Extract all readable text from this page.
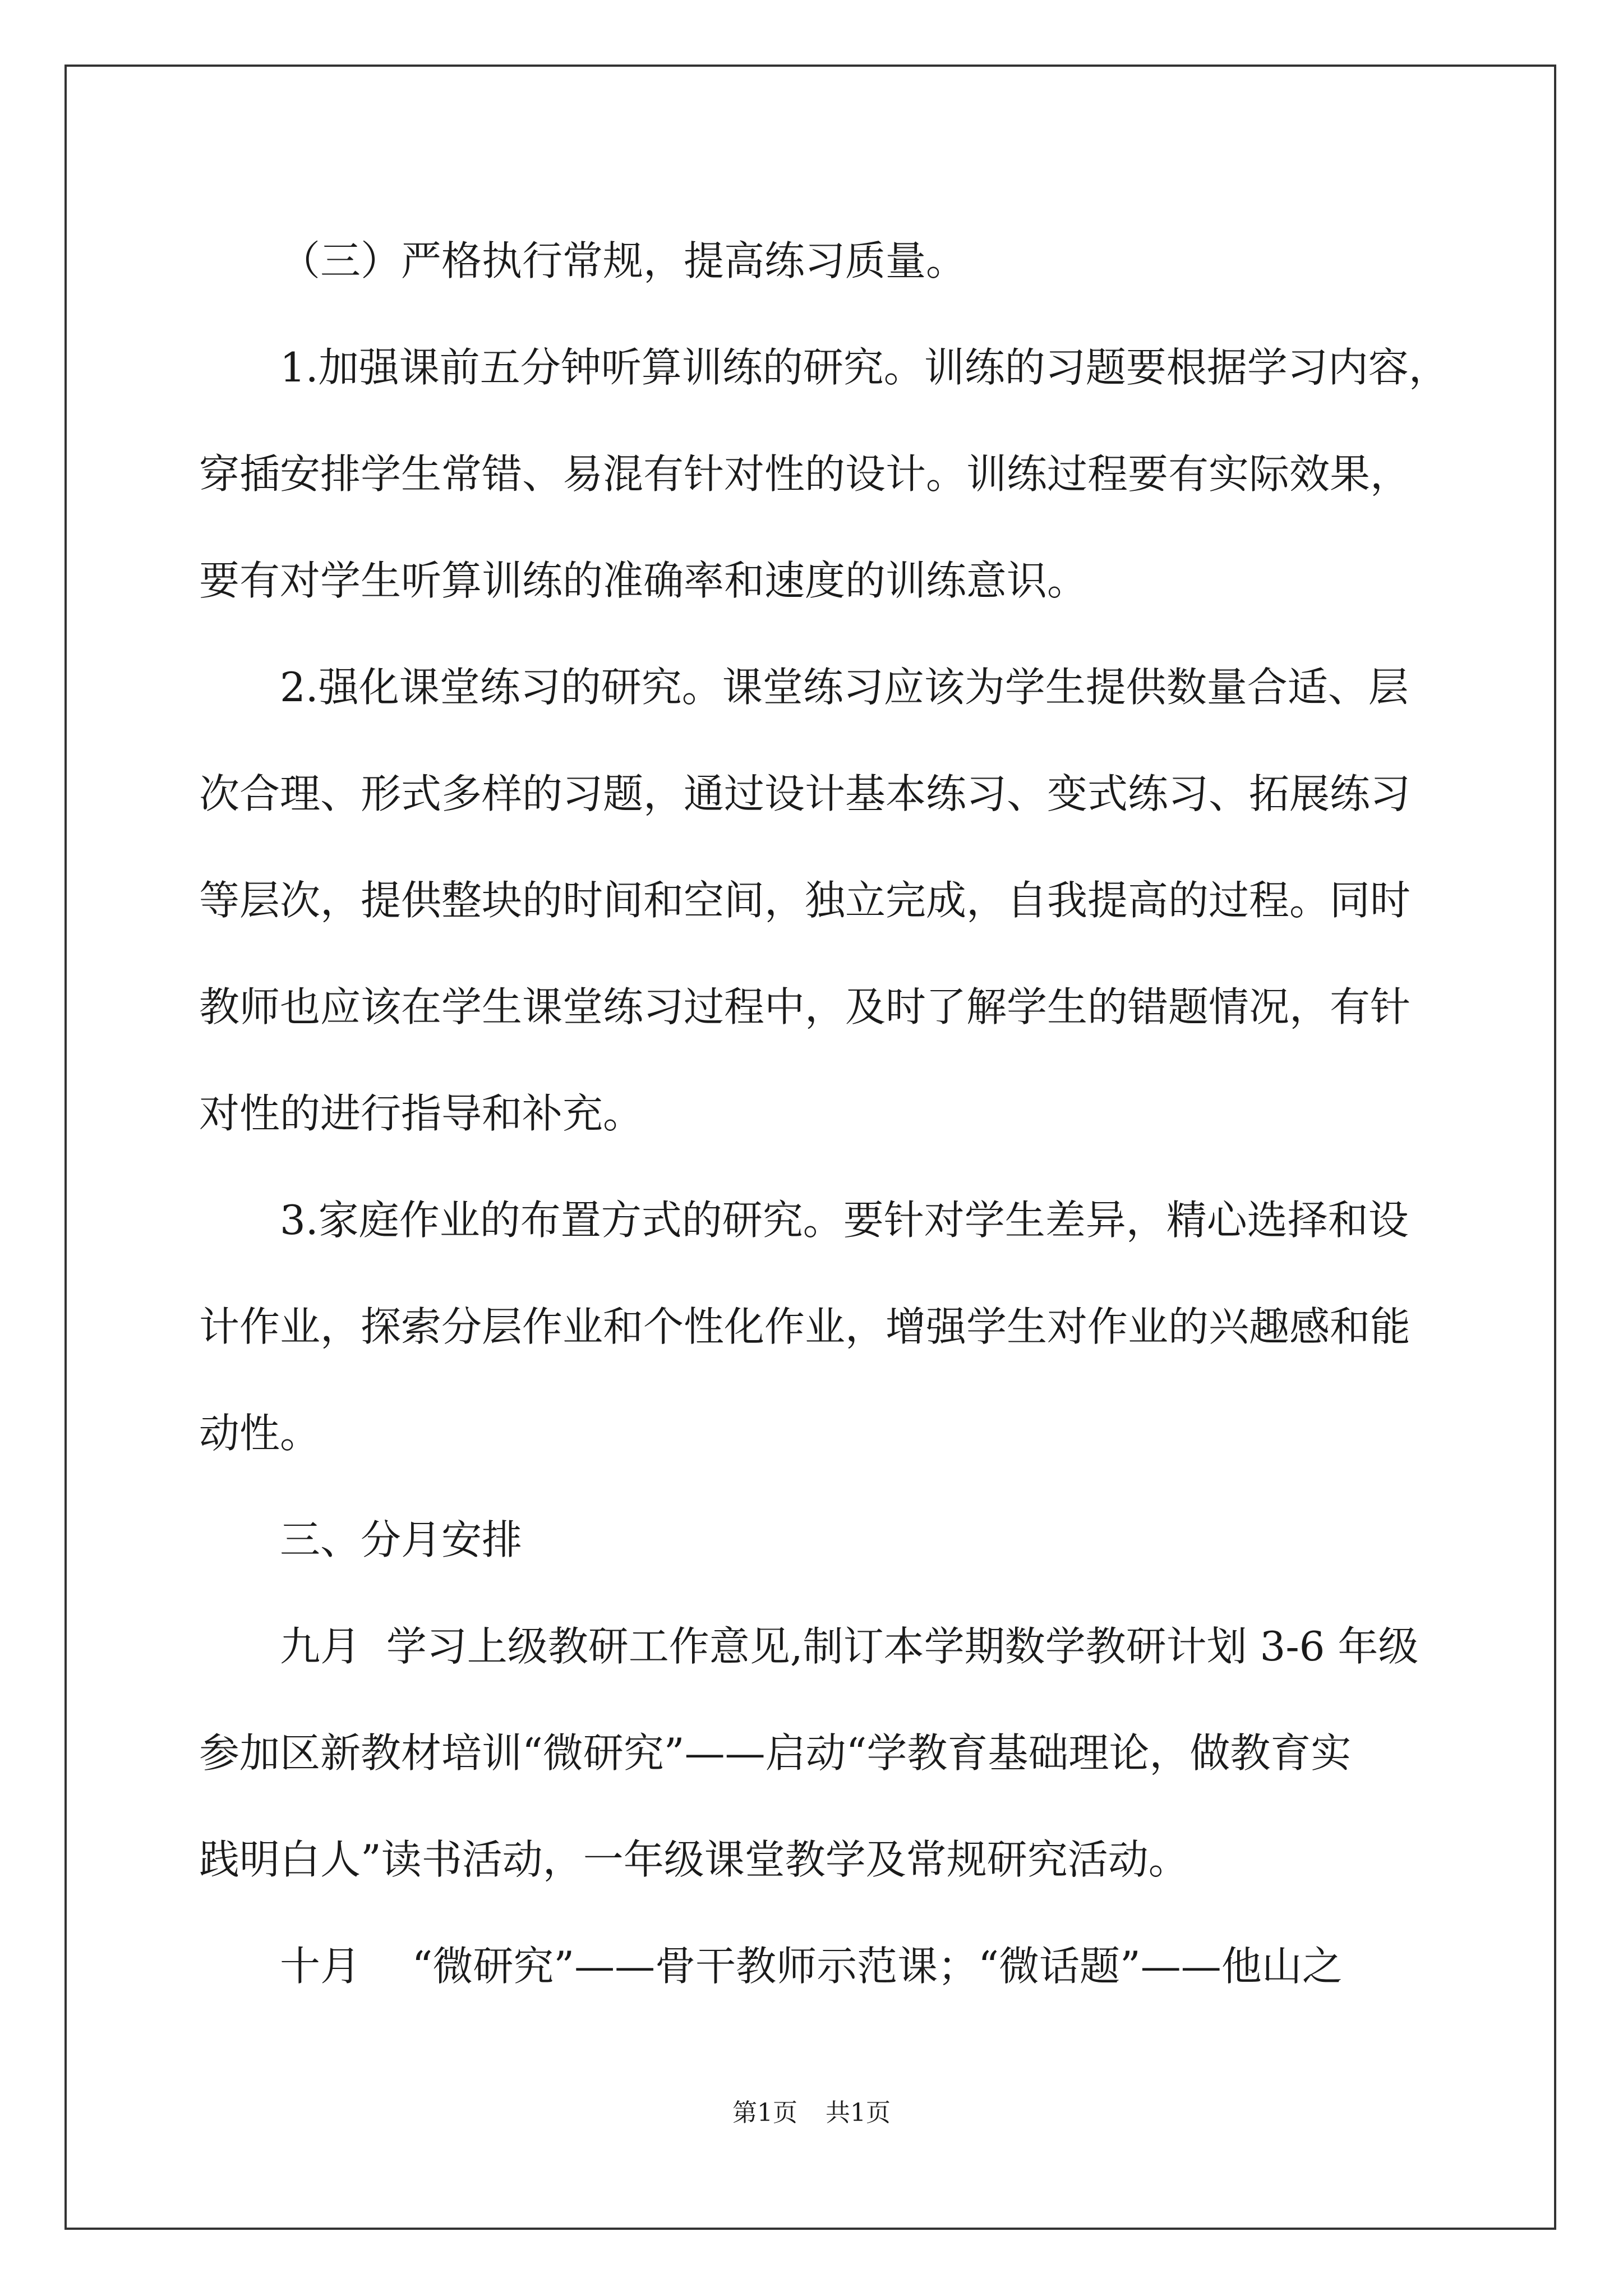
（三）严格执行常规，提高练习质量。

1.加强课前五分钟听算训练的研究。训练的习题要根据学习内容，
穿插安排学生常错、易混有针对性的设计。训练过程要有实际效果，
要有对学生听算训练的准确率和速度的训练意识。

2.强化课堂练习的研究。课堂练习应该为学生提供数量合适、层
次合理、形式多样的习题，通过设计基本练习、变式练习、拓展练习
等层次，提供整块的时间和空间，独立完成，自我提高的过程。同时
教师也应该在学生课堂练习过程中，及时了解学生的错题情况，有针
对性的进行指导和补充。

3.家庭作业的布置方式的研究。要针对学生差异，精心选择和设
计作业，探索分层作业和个性化作业，增强学生对作业的兴趣感和能
动性。

三、分月安排

九月  学习上级教研工作意见,制订本学期数学教研计划 3-6 年级
参加区新教材培训“微研究”——启动“学教育基础理论，做教育实
践明白人”读书活动，一年级课堂教学及常规研究活动。

十月    “微研究”——骨干教师示范课；“微话题”——他山之

第1页 共1页
